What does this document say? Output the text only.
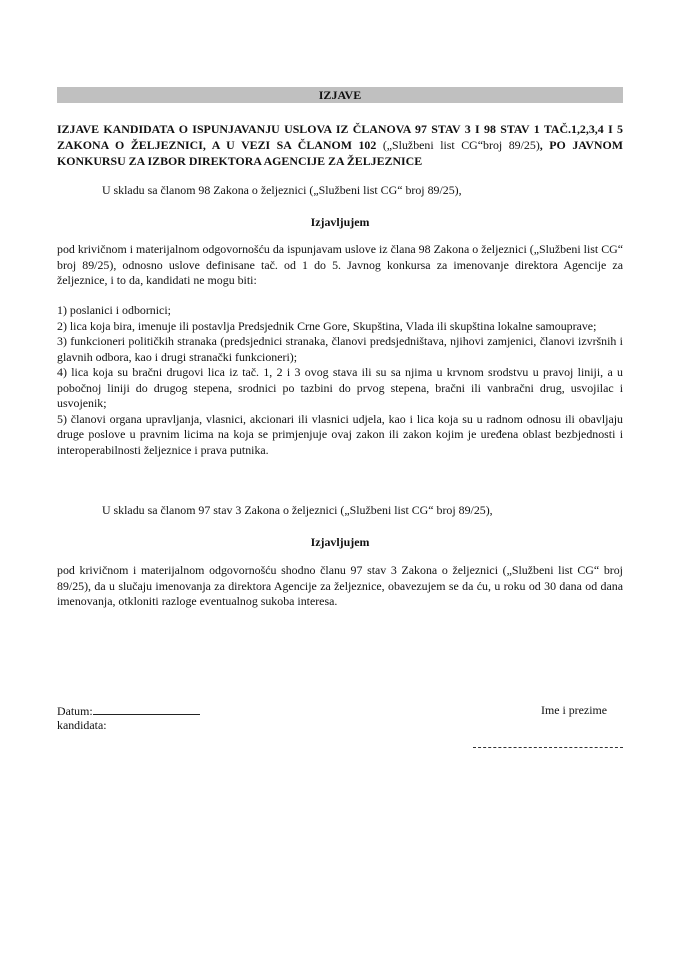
IZJAVE
IZJAVE KANDIDATA O ISPUNJAVANJU USLOVA IZ ČLANOVA 97 STAV 3 I 98 STAV 1 TAČ.1,2,3,4 I 5 ZAKONA O ŽELJEZNICI, A U VEZI SA ČLANOM 102 („Službeni list CG“broj 89/25), PO JAVNOM KONKURSU ZA IZBOR DIREKTORA AGENCIJE ZA ŽELJEZNICE
U skladu sa članom 98 Zakona o željeznici („Službeni list CG“ broj 89/25),
Izjavljujem
pod krivičnom i materijalnom odgovornošću da ispunjavam uslove iz člana 98 Zakona o željeznici („Službeni list CG“ broj 89/25), odnosno uslove definisane tač. od 1 do 5. Javnog konkursa za imenovanje direktora Agencije za željeznice, i to da, kandidati ne mogu biti:

1) poslanici i odbornici;

2) lica koja bira, imenuje ili postavlja Predsjednik Crne Gore, Skupština, Vlada ili skupština lokalne samouprave;

3) funkcioneri političkih stranaka (predsjednici stranaka, članovi predsjedništava, njihovi zamjenici, članovi izvršnih i glavnih odbora, kao i drugi stranački funkcioneri);

4) lica koja su bračni drugovi lica iz tač. 1, 2 i 3 ovog stava ili su sa njima u krvnom srodstvu u pravoj liniji, a u pobočnoj liniji do drugog stepena, srodnici po tazbini do prvog stepena, bračni ili vanbračni drug, usvojilac i usvojenik;

5) članovi organa upravljanja, vlasnici, akcionari ili vlasnici udjela, kao i lica koja su u radnom odnosu ili obavljaju druge poslove u pravnim licima na koja se primjenjuje ovaj zakon ili zakon kojim je uređena oblast bezbjednosti i interoperabilnosti željeznice i prava putnika.

U skladu sa članom 97 stav 3 Zakona o željeznici („Službeni list CG“ broj 89/25),
Izjavljujem
pod krivičnom i materijalnom odgovornošću shodno članu 97 stav 3 Zakona o željeznici („Službeni list CG“ broj 89/25), da u slučaju imenovanja za direktora Agencije za željeznice, obavezujem se da ću, u roku od 30 dana od dana imenovanja, otkloniti razloge eventualnog sukoba interesa.
Datum:	Ime i prezime
kandidata:
